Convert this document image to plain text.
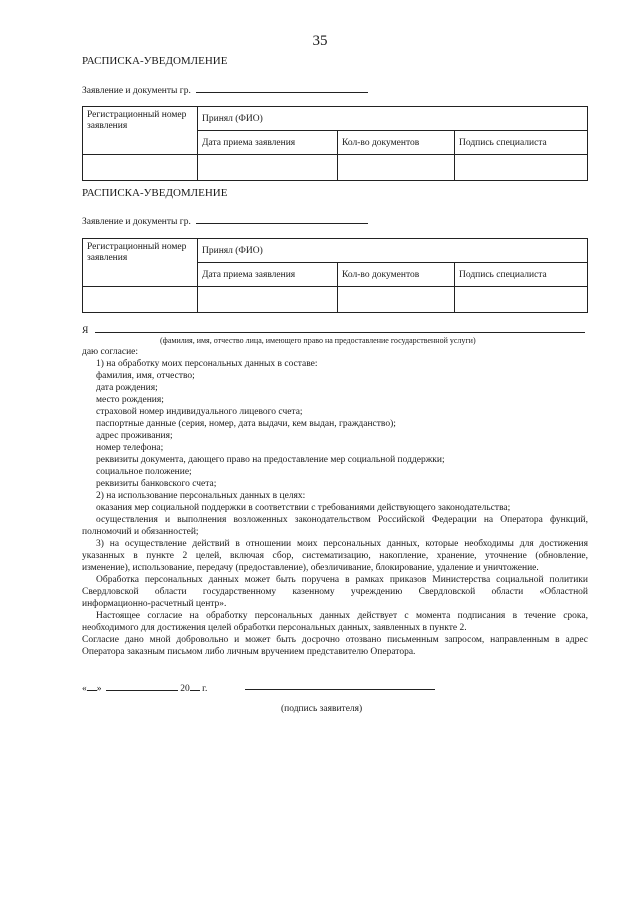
35
РАСПИСКА-УВЕДОМЛЕНИЕ
Заявление и документы гр.
Регистрационный номер заявления	Принял (ФИО)		
	Дата приема заявления	Кол-во документов	Подпись специалиста

РАСПИСКА-УВЕДОМЛЕНИЕ
Заявление и документы гр.
Регистрационный номер заявления	Принял (ФИО)		
	Дата приема заявления	Кол-во документов	Подпись специалиста

Я
(фамилия, имя, отчество лица, имеющего право на предоставление государственной услуги)
даю согласие:
1) на обработку моих персональных данных в составе:
фамилия, имя, отчество;
дата рождения;
место рождения;
страховой номер индивидуального лицевого счета;
паспортные данные (серия, номер, дата выдачи, кем выдан, гражданство);
адрес проживания;
номер телефона;
реквизиты документа, дающего право на предоставление мер социальной поддержки;
социальное положение;
реквизиты банковского счета;
2) на использование персональных данных в целях:
оказания мер социальной поддержки в соответствии с требованиями действующего законодательства;
осуществления и выполнения возложенных законодательством Российской Федерации на Оператора функций,
полномочий и обязанностей;
3) на осуществление действий в отношении моих персональных данных, которые необходимы для достижения
указанных в пункте 2 целей, включая сбор, систематизацию, накопление, хранение, уточнение (обновление,
изменение), использование, передачу (предоставление), обезличивание, блокирование, удаление и уничтожение.
Обработка персональных данных может быть поручена в рамках приказов Министерства социальной политики
Свердловской области государственному казенному учреждению Свердловской области «Областной
информационно-расчетный центр».
Настоящее согласие на обработку персональных данных действует с момента подписания в течение срока,
необходимого для достижения целей обработки персональных данных, заявленных в пункте 2.
Согласие дано мной добровольно и может быть досрочно отозвано письменным запросом, направленным в адрес
Оператора заказным письмом либо личным вручением представителю Оператора.
« »	20 г.
(подпись заявителя)
